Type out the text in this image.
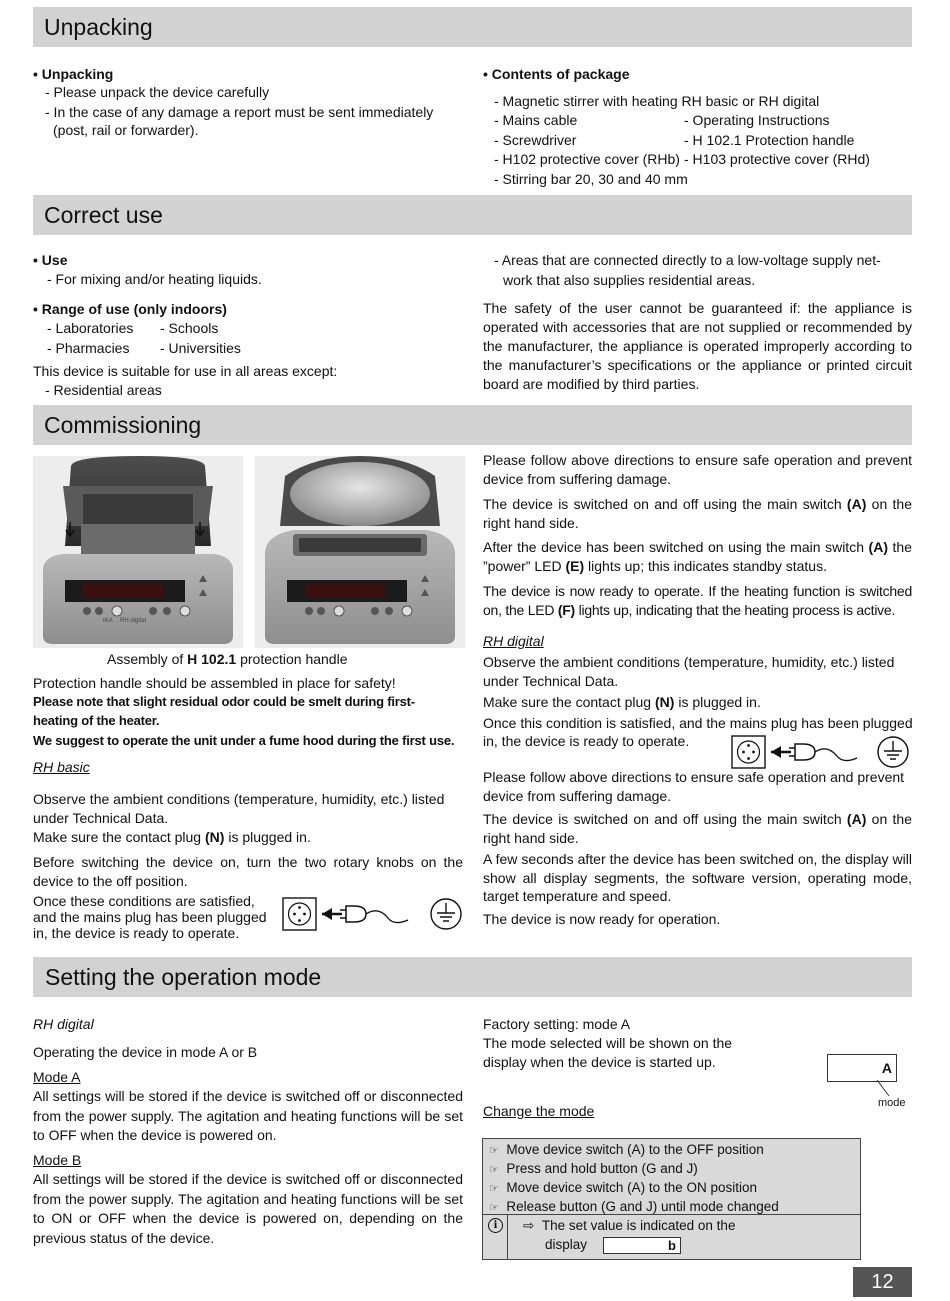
Unpacking
• Unpacking
- Please unpack the device carefully
- In the case of any damage a report must be sent immediately
(post, rail or forwarder).
• Contents of package
- Magnetic stirrer with heating RH basic or RH digital
- Mains cable	- Operating Instructions
- Screwdriver	- H 102.1 Protection handle
- H102 protective cover (RHb) - H103 protective cover (RHd)
- Stirring bar 20, 30 and 40 mm
Correct use
• Use
- For mixing and/or heating liquids.
• Range of use (only indoors)
- Laboratories - Schools
- Pharmacies - Universities
This device is suitable for use in all areas except:
- Residential areas
- Areas that are connected directly to a low-voltage supply net-
work that also supplies residential areas.
The safety of the user cannot be guaranteed if: the appliance is operated with accessories that are not supplied or recommended by the manufacturer, the appliance is operated improperly according to the manufacturer’s specifications or the appliance or printed circuit board are modified by third parties.
Commissioning
IKA RH digital
Assembly of H 102.1 protection handle
Protection handle should be assembled in place for safety!
Please note that slight residual odor could be smelt during first-
heating of the heater.
We suggest to operate the unit under a fume hood during the first use.
RH basic
Observe the ambient conditions (temperature, humidity, etc.) listed under Technical Data.
Make sure the contact plug (N) is plugged in.
Before switching the device on, turn the two rotary knobs on the device to the off position.
Once these conditions are satisfied,
and the mains plug has been plugged
in, the device is ready to operate.
Please follow above directions to ensure safe operation and prevent device from suffering damage.
The device is switched on and off using the main switch (A) on the right hand side.
After the device has been switched on using the main switch (A) the ”power” LED (E) lights up; this indicates standby status.
The device is now ready to operate. If the heating function is switched on, the LED (F) lights up, indicating that the heating process is active.
RH digital
Observe the ambient conditions (temperature, humidity, etc.) listed under Technical Data.
Make sure the contact plug (N) is plugged in.
Once this condition is satisfied, and the mains plug has been plugged
in, the device is ready to operate.
Please follow above directions to ensure safe operation and prevent device from suffering damage.
The device is switched on and off using the main switch (A) on the right hand side.
A few seconds after the device has been switched on, the display will show all display segments, the software version, operating mode, target temperature and speed.
The device is now ready for operation.
Setting the operation mode
RH digital
Operating the device in mode A or B
Mode A
All settings will be stored if the device is switched off or disconnected from the power supply. The agitation and heating functions will be set to OFF when the device is powered on.
Mode B
All settings will be stored if the device is switched off or disconnected from the power supply. The agitation and heating functions will be set to ON or OFF when the device is powered on, depending on the previous status of the device.
Factory setting: mode A
The mode selected will be shown on the
display when the device is started up.	A
mode
Change the mode
☞ Move device switch (A) to the OFF position
☞ Press and hold button (G and J)
☞ Move device switch (A) to the ON position
☞ Release button (G and J) until mode changed
i	⇨ The set value is indicated on the
display	b
12
